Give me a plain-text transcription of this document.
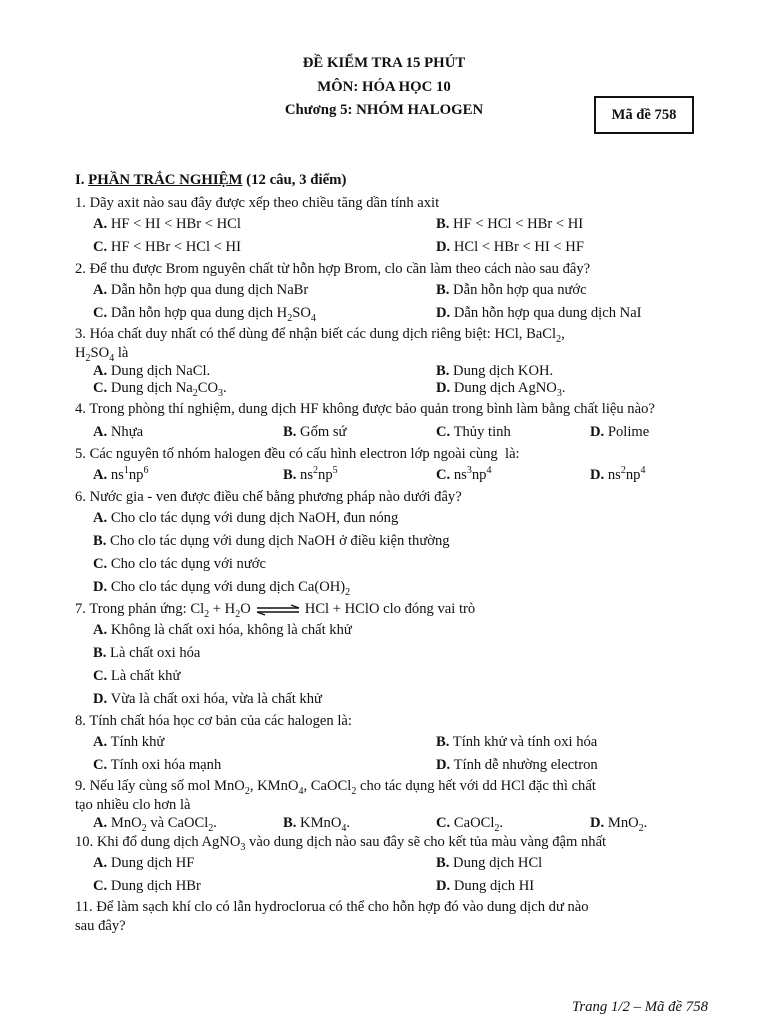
ĐỀ KIỂM TRA 15 PHÚT
MÔN: HÓA HỌC 10
Chương 5: NHÓM HALOGEN	Mã đề 758
I. PHẦN TRẮC NGHIỆM (12 câu, 3 điểm)
1. Dãy axit nào sau đây được xếp theo chiều tăng dần tính axit
A. HF < HI < HBr < HCl	B. HF < HCl < HBr < HI
C. HF < HBr < HCl < HI	D. HCl < HBr < HI < HF
2. Để thu được Brom nguyên chất từ hỗn hợp Brom, clo cần làm theo cách nào sau đây?
A. Dẫn hỗn hợp qua dung dịch NaBr	B. Dẫn hỗn hợp qua nước
C. Dẫn hỗn hợp qua dung dịch $H_2SO_4$	D. Dẫn hỗn hợp qua dung dịch NaI
3. Hóa chất duy nhất có thể dùng để nhận biết các dung dịch riêng biệt: HCl, BaCl$_2$,
$H_2SO_4$ là
A. Dung dịch NaCl.	B. Dung dịch KOH.
C. Dung dịch $Na_2CO_3$.	D. Dung dịch AgNO$_3$.
4. Trong phòng thí nghiệm, dung dịch HF không được bảo quản trong bình làm bằng chất liệu nào?
A. Nhựa	B. Gốm sứ	C. Thủy tinh	D. Polime
5. Các nguyên tố nhóm halogen đều có cấu hình electron lớp ngoài cùng  là:
A. $ns^1np^6$	B. $ns^2np^5$	C. $ns^3np^4$	D. $ns^2np^4$
6. Nước gia - ven được điều chế bằng phương pháp nào dưới đây?
A. Cho clo tác dụng với dung dịch NaOH, đun nóng
B. Cho clo tác dụng với dung dịch NaOH ở điều kiện thường
C. Cho clo tác dụng với nước
D. Cho clo tác dụng với dung dịch $Ca(OH)_2$
7. Trong phản ứng: $Cl_2 + H_2O$ ⇌ HCl + HClO clo đóng vai trò
A. Không là chất oxi hóa, không là chất khử
B. Là chất oxi hóa
C. Là chất khử
D. Vừa là chất oxi hóa, vừa là chất khử
8. Tính chất hóa học cơ bản của các halogen là:
A. Tính khử	B. Tính khử và tính oxi hóa
C. Tính oxi hóa mạnh	D. Tính dễ nhường electron
9. Nếu lấy cùng số mol MnO$_2$, KMnO$_4$, CaOCl$_2$ cho tác dụng hết với dd HCl đặc thì chất
tạo nhiều clo hơn là
A. MnO$_2$ và CaOCl$_2$.	B. KMnO$_4$.	C. CaOCl$_2$.	D. MnO$_2$.
10. Khi đổ dung dịch AgNO$_3$ vào dung dịch nào sau đây sẽ cho kết tủa màu vàng đậm nhất
A. Dung dịch HF	B. Dung dịch HCl
C. Dung dịch HBr	D. Dung dịch HI
11. Để làm sạch khí clo có lẫn hydroclorua có thể cho hỗn hợp đó vào dung dịch dư nào
sau đây?
Trang 1/2 – Mã đề 758
